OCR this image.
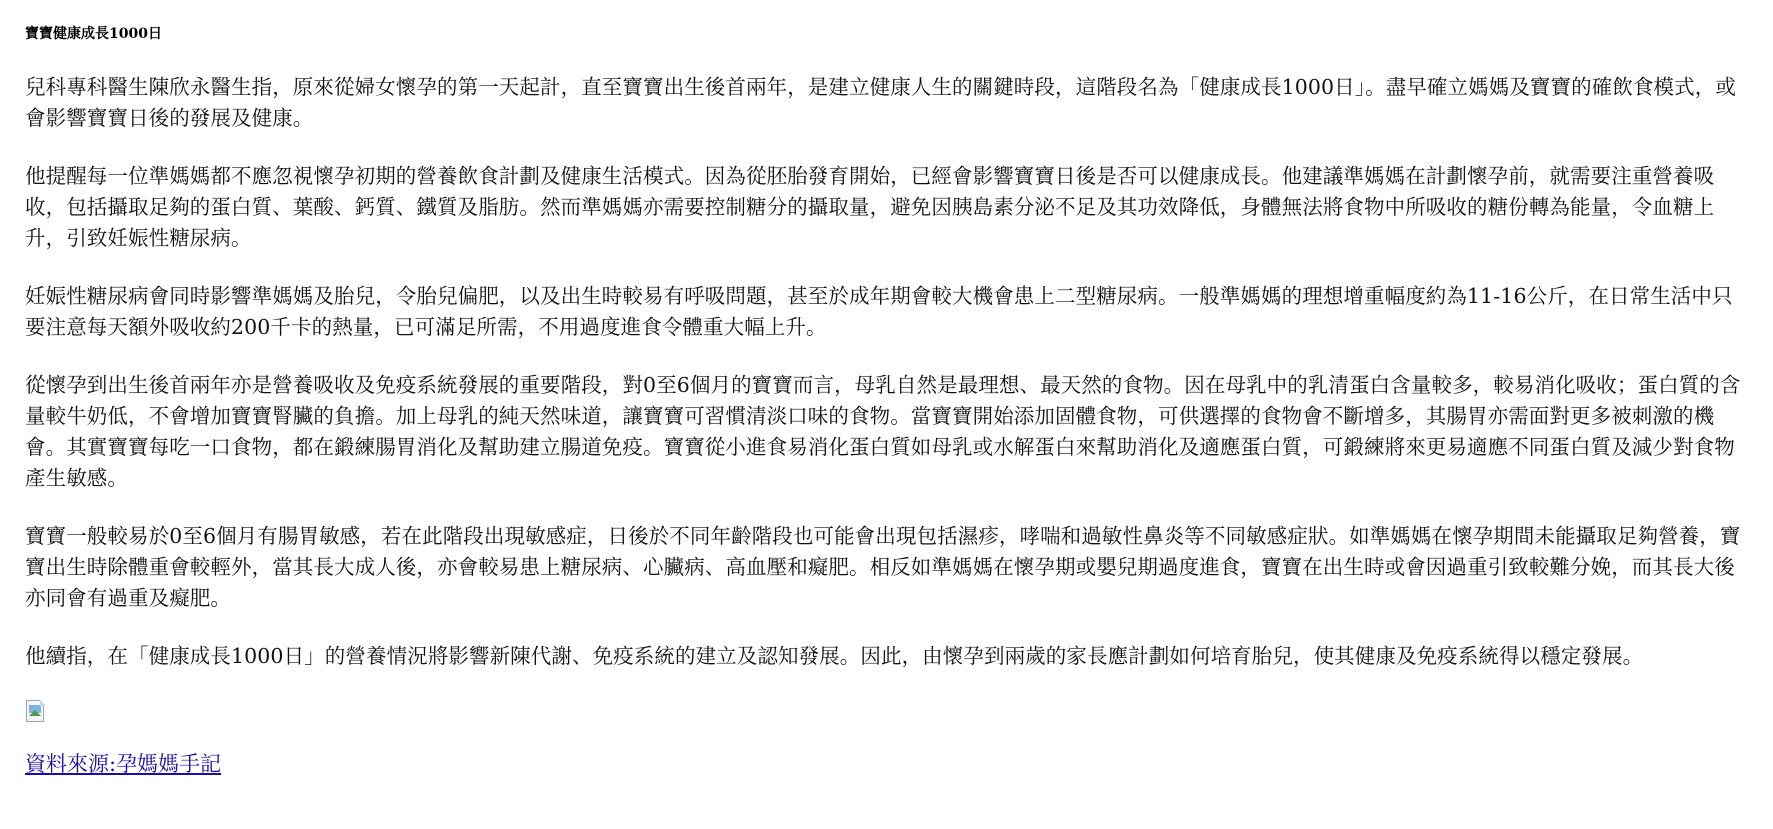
寶寶健康成長1000日

兒科專科醫生陳欣永醫生指，原來從婦女懷孕的第一天起計，直至寶寶出生後首兩年，是建立健康人生的關鍵時段，這階段名為「健康成長1000日」。盡早確立媽媽及寶寶的確飲食模式，或會影響寶寶日後的發展及健康。

他提醒每一位準媽媽都不應忽視懷孕初期的營養飲食計劃及健康生活模式。因為從胚胎發育開始，已經會影響寶寶日後是否可以健康成長。他建議準媽媽在計劃懷孕前，就需要注重營養吸收，包括攝取足夠的蛋白質、葉酸、鈣質、鐵質及脂肪。然而準媽媽亦需要控制糖分的攝取量，避免因胰島素分泌不足及其功效降低，身體無法將食物中所吸收的糖份轉為能量，令血糖上升，引致妊娠性糖尿病。

妊娠性糖尿病會同時影響準媽媽及胎兒，令胎兒偏肥，以及出生時較易有呼吸問題，甚至於成年期會較大機會患上二型糖尿病。一般準媽媽的理想增重幅度約為11-16公斤，在日常生活中只要注意每天額外吸收約200千卡的熱量，已可滿足所需，不用過度進食令體重大幅上升。

從懷孕到出生後首兩年亦是營養吸收及免疫系統發展的重要階段，對0至6個月的寶寶而言，母乳自然是最理想、最天然的食物。因在母乳中的乳清蛋白含量較多，較易消化吸收；蛋白質的含量較牛奶低，不會增加寶寶腎臟的負擔。加上母乳的純天然味道，讓寶寶可習慣清淡口味的食物。當寶寶開始添加固體食物，可供選擇的食物會不斷增多，其腸胃亦需面對更多被刺激的機會。其實寶寶每吃一口食物，都在鍛練腸胃消化及幫助建立腸道免疫。寶寶從小進食易消化蛋白質如母乳或水解蛋白來幫助消化及適應蛋白質，可鍛練將來更易適應不同蛋白質及減少對食物產生敏感。

寶寶一般較易於0至6個月有腸胃敏感，若在此階段出現敏感症，日後於不同年齡階段也可能會出現包括濕疹，哮喘和過敏性鼻炎等不同敏感症狀。如準媽媽在懷孕期間未能攝取足夠營養，寶寶出生時除體重會較輕外，當其長大成人後，亦會較易患上糖尿病、心臟病、高血壓和癡肥。相反如準媽媽在懷孕期或嬰兒期過度進食，寶寶在出生時或會因過重引致較難分娩，而其長大後亦同會有過重及癡肥。

他續指，在「健康成長1000日」的營養情況將影響新陳代謝、免疫系統的建立及認知發展。因此，由懷孕到兩歲的家長應計劃如何培育胎兒，使其健康及免疫系統得以穩定發展。

資料來源:孕媽媽手記
